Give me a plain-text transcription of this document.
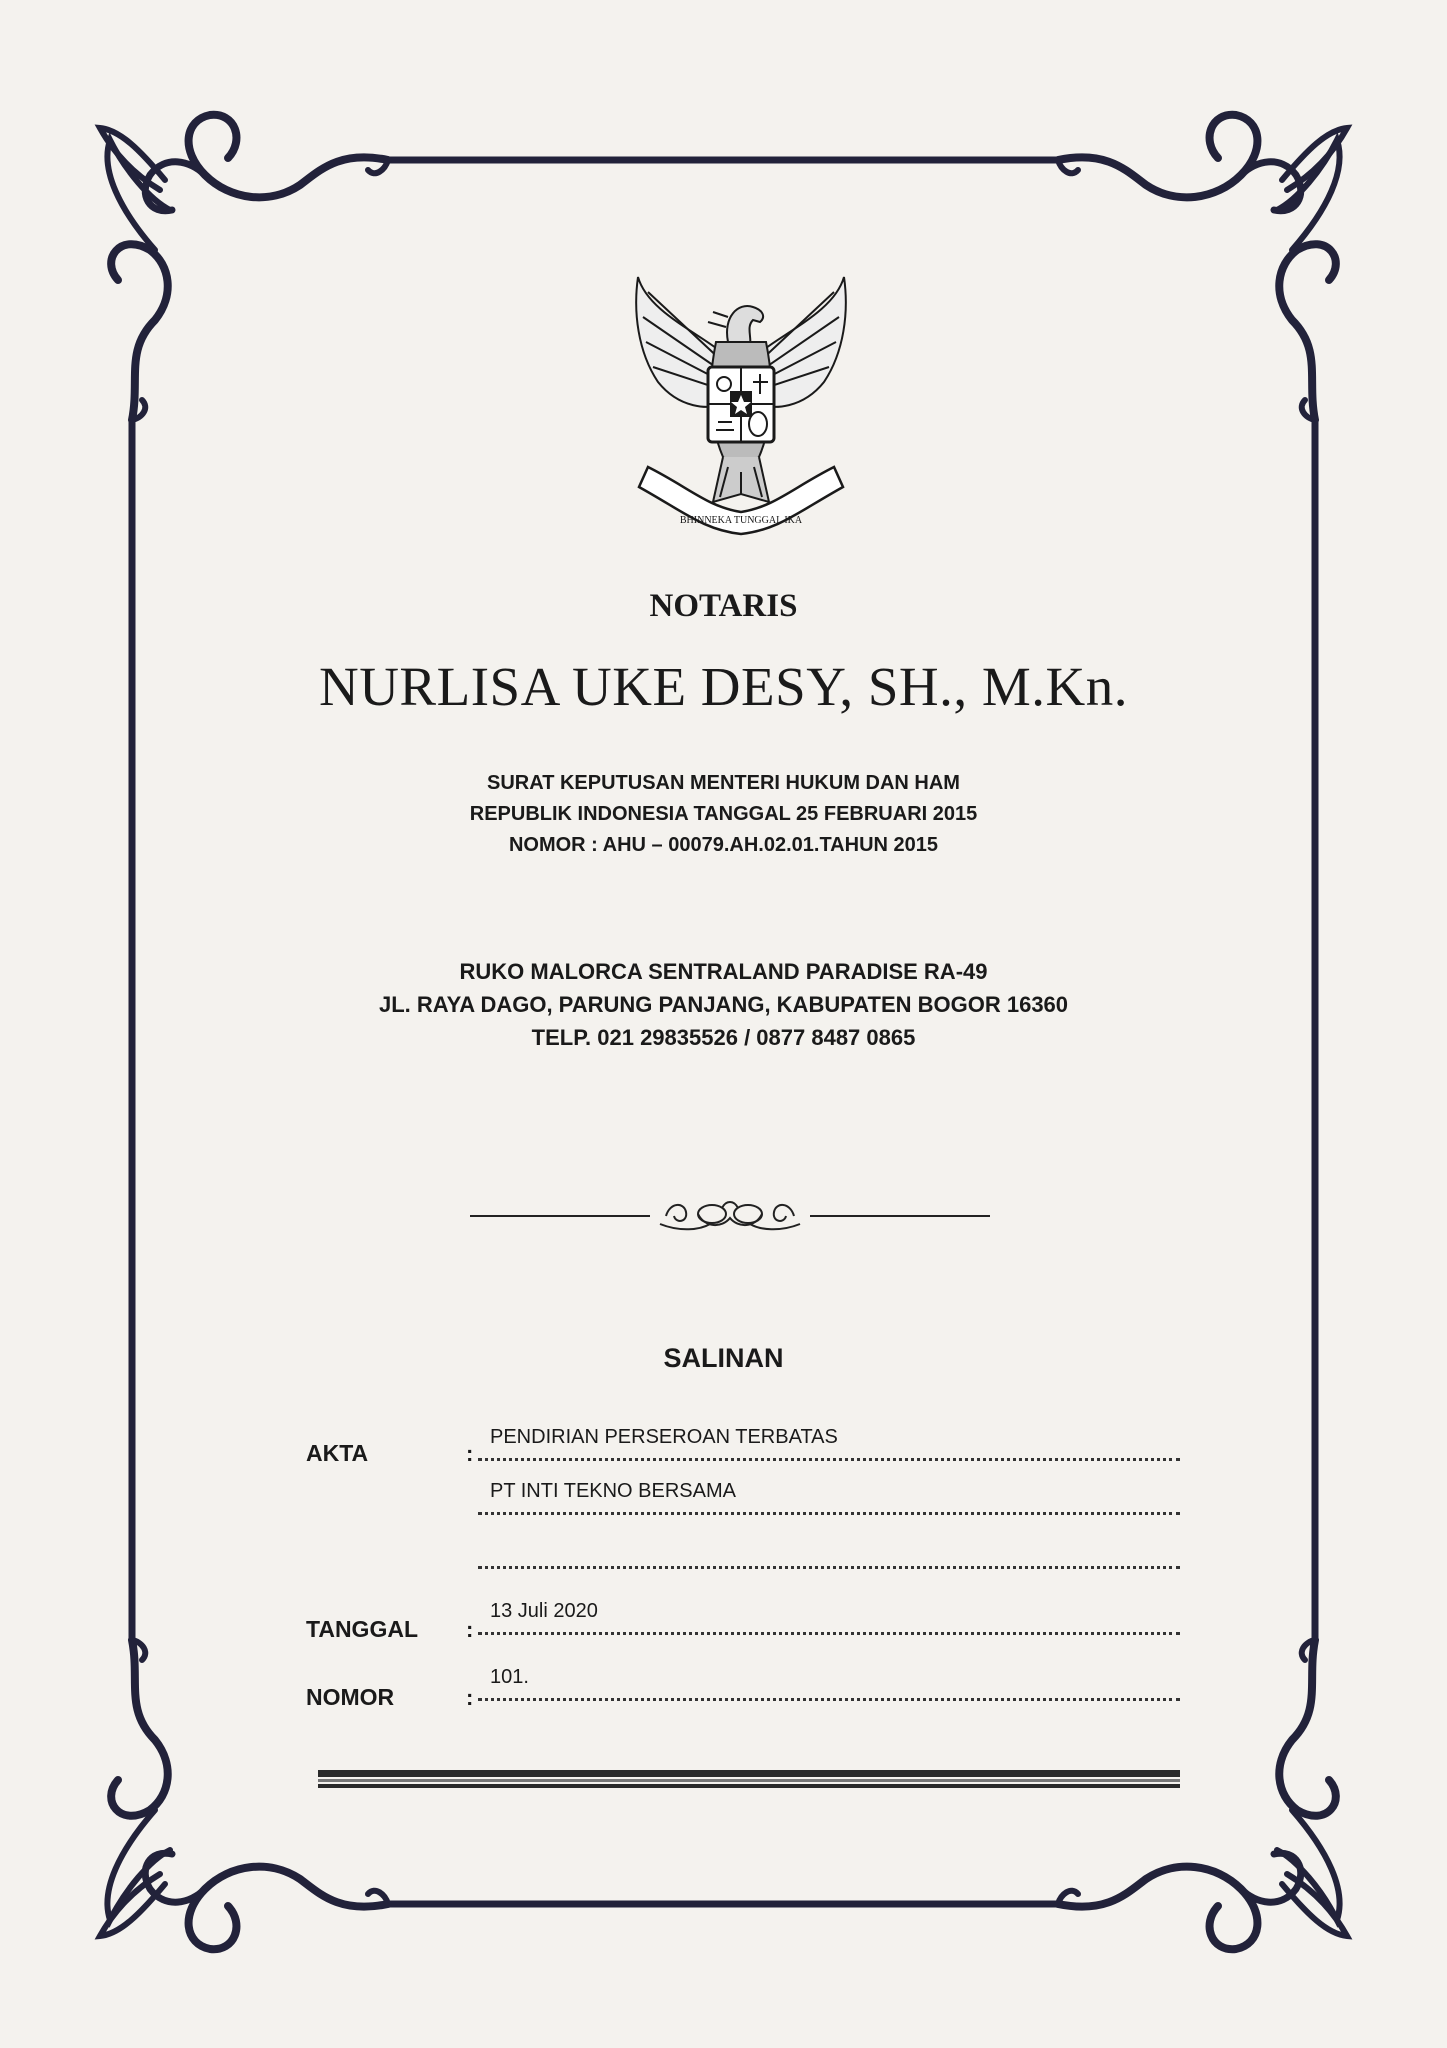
BHINNEKA TUNGGAL IKA
NOTARIS
NURLISA UKE DESY, SH., M.Kn.
SURAT KEPUTUSAN MENTERI HUKUM DAN HAM
REPUBLIK INDONESIA TANGGAL 25 FEBRUARI 2015
NOMOR : AHU – 00079.AH.02.01.TAHUN 2015
RUKO MALORCA SENTRALAND PARADISE RA-49
JL. RAYA DAGO, PARUNG PANJANG, KABUPATEN BOGOR 16360
TELP. 021 29835526 / 0877 8487 0865
SALINAN
AKTA	:
PENDIRIAN PERSEROAN TERBATAS
PT INTI TEKNO BERSAMA
TANGGAL :
13 Juli 2020
NOMOR	:
101.
